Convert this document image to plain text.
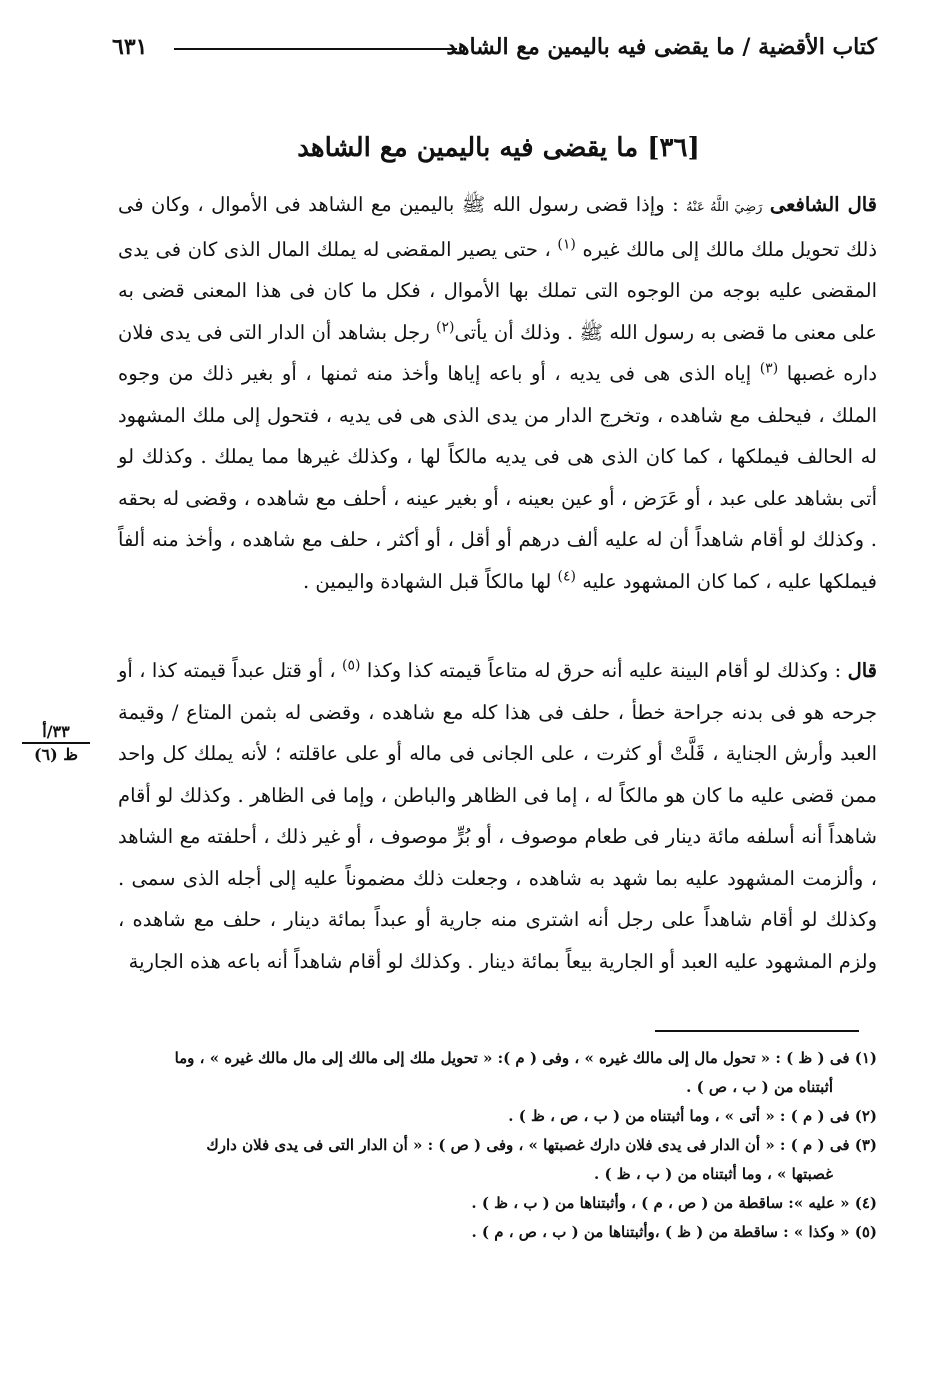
كتاب الأقضية / ما يقضى فيه باليمين مع الشاهد
٦٣١
[٣٦] ما يقضى فيه باليمين مع الشاهد

قال الشافعى رَضِيَ اللَّهُ عَنْهُ : وإذا قضى رسول الله ﷺ باليمين مع الشاهد فى الأموال ، وكان فى ذلك تحويل ملك مالك إلى مالك غيره $^{(١)}$ ، حتى يصير المقضى له يملك المال الذى كان فى يدى المقضى عليه بوجه من الوجوه التى تملك بها الأموال ، فكل ما كان فى هذا المعنى قضى به على معنى ما قضى به رسول الله ﷺ . وذلك أن يأتى$^{(٢)}$ رجل بشاهد أن الدار التى فى يدى فلان داره غصبها $^{(٣)}$ إياه الذى هى فى يديه ، أو باعه إياها وأخذ منه ثمنها ، أو بغير ذلك من وجوه الملك ، فيحلف مع شاهده ، وتخرج الدار من يدى الذى هى فى يديه ، فتحول إلى ملك المشهود له الحالف فيملكها ، كما كان الذى هى فى يديه مالكاً لها ، وكذلك غيرها مما يملك . وكذلك لو أتى بشاهد على عبد ، أو عَرَض ، أو عين بعينه ، أو بغير عينه ، أحلف مع شاهده ، وقضى له بحقه . وكذلك لو أقام شاهداً أن له عليه ألف درهم أو أقل ، أو أكثر ، حلف مع شاهده ، وأخذ منه ألفاً فيملكها عليه ، كما كان المشهود عليه $^{(٤)}$ لها مالكاً قبل الشهادة واليمين .

قال : وكذلك لو أقام البينة عليه أنه حرق له متاعاً قيمته كذا وكذا $^{(٥)}$ ، أو قتل عبداً قيمته كذا ، أو جرحه هو فى بدنه جراحة خطأ ، حلف فى هذا كله مع شاهده ، وقضى له بثمن المتاع / وقيمة العبد وأرش الجناية ، قَلَّتْ أو كثرت ، على الجانى فى ماله أو على عاقلته ؛ لأنه يملك كل واحد ممن قضى عليه ما كان هو مالكاً له ، إما فى الظاهر والباطن ، وإما فى الظاهر . وكذلك لو أقام شاهداً أنه أسلفه مائة دينار فى طعام موصوف ، أو بُرٍّ موصوف ، أو غير ذلك ، أحلفته مع الشاهد ، وألزمت المشهود عليه بما شهد به شاهده ، وجعلت ذلك مضموناً عليه إلى أجله الذى سمى . وكذلك لو أقام شاهداً على رجل أنه اشترى منه جارية أو عبداً بمائة دينار ، حلف مع شاهده ، ولزم المشهود عليه العبد أو الجارية بيعاً بمائة دينار . وكذلك لو أقام شاهداً أنه باعه هذه الجارية

٣٣/أ
ظ (٦)

(١) فى ( ظ ) : « تحول مال إلى مالك غيره » ، وفى ( م ): « تحويل ملك إلى مالك إلى مال مالك غيره » ، وما

أثبتناه من ( ب ، ص ) .

(٢) فى ( م ) : « أتى » ، وما أثبتناه من ( ب ، ص ، ظ ) .

(٣) فى ( م ) : « أن الدار فى يدى فلان دارك غصبتها » ، وفى ( ص ) : « أن الدار التى فى يدى فلان دارك

غصبتها » ، وما أثبتناه من ( ب ، ظ ) .

(٤) « عليه »: ساقطة من ( ص ، م ) ، وأثبتناها من ( ب ، ظ ) .

(٥) « وكذا » : ساقطة من ( ظ ) ،وأثبتناها من ( ب ، ص ، م ) .
